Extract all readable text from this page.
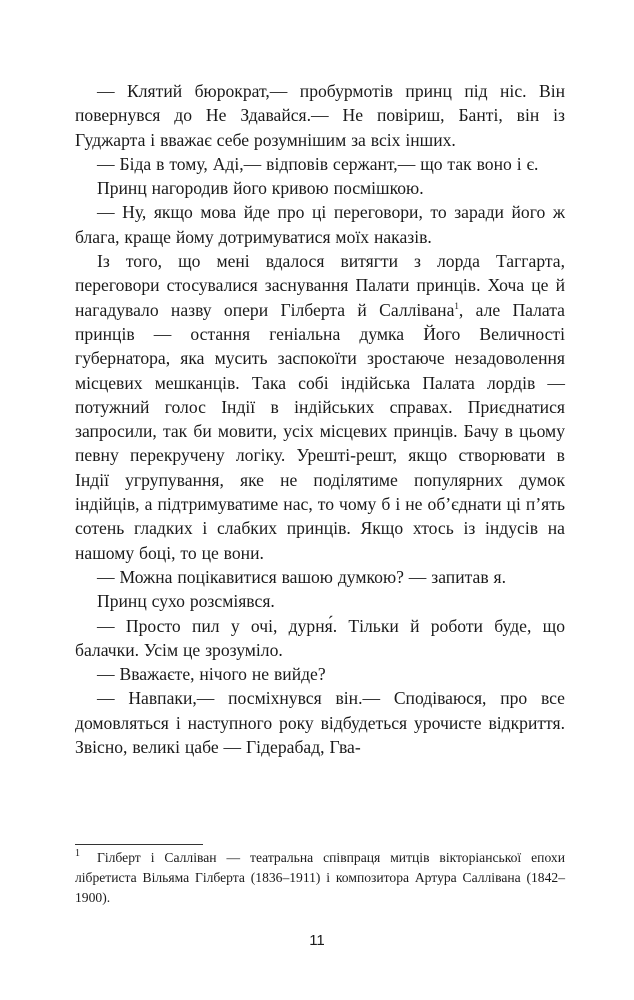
— Клятий бюрократ,— пробурмотів принц під ніс. Він повернувся до Не Здавайся.— Не повіриш, Банті, він із Гуджарта і вважає себе розумнішим за всіх інших.

— Біда в тому, Аді,— відповів сержант,— що так воно і є.

Принц нагородив його кривою посмішкою.

— Ну, якщо мова йде про ці переговори, то заради його ж блага, краще йому дотримуватися моїх наказів.

Із того, що мені вдалося витягти з лорда Таггарта, переговори стосувалися заснування Палати принців. Хоча це й нагадувало назву опери Гілберта й Саллівана$^1$, але Палата принців — остання геніальна думка Його Величності губернатора, яка мусить заспокоїти зростаюче незадоволення місцевих мешканців. Така собі індійська Палата лордів — потужний голос Індії в індійських справах. Приєднатися запросили, так би мовити, усіх місцевих принців. Бачу в цьому певну перекручену логіку. Урешті-решт, якщо створювати в Індії угрупування, яке не поділятиме популярних думок індійців, а підтримуватиме нас, то чому б і не об’єднати ці п’ять сотень гладких і слабких принців. Якщо хтось із індусів на нашому боці, то це вони.

— Можна поцікавитися вашою думкою? — запитав я.

Принц сухо розсміявся.

— Просто пил у очі, дурня́. Тільки й роботи буде, що балачки. Усім це зрозуміло.

— Вважаєте, нічого не вийде?

— Навпаки,— посміхнувся він.— Сподіваюся, про все домовляться і наступного року відбудеться урочисте відкриття. Звісно, великі цабе — Гідерабад, Гва-

1 Гілберт і Салліван — театральна співпраця митців вікторіанської епохи лібретиста Вільяма Гілберта (1836–1911) і композитора Артура Саллівана (1842–1900).

11
